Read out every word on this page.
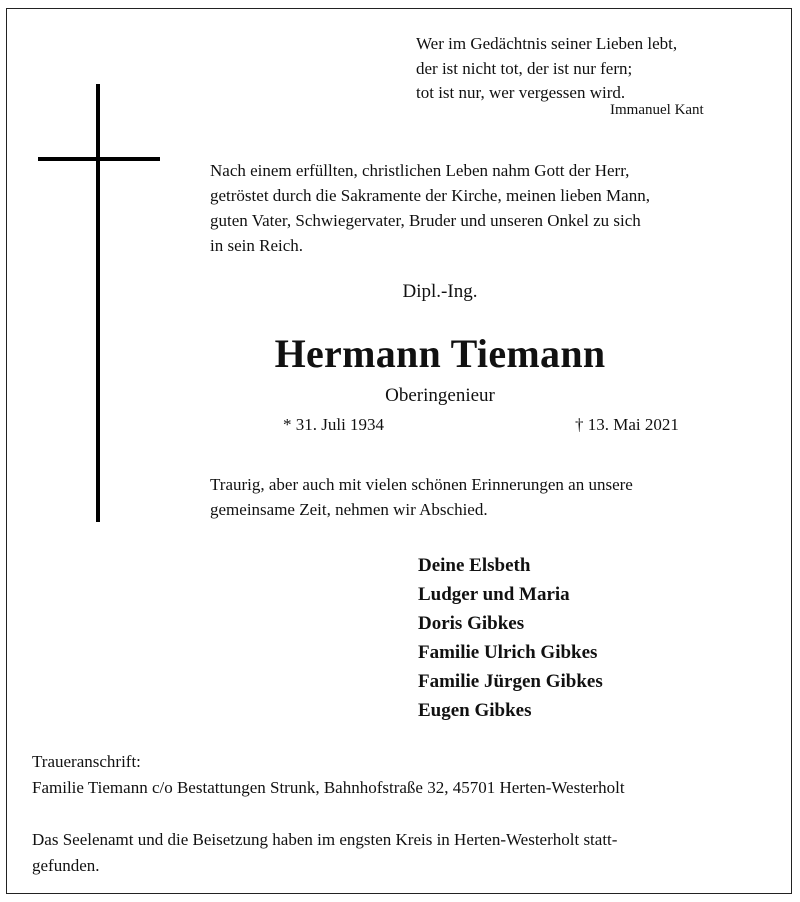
Wer im Gedächtnis seiner Lieben lebt,
der ist nicht tot, der ist nur fern;
tot ist nur, wer vergessen wird.
Immanuel Kant
Nach einem erfüllten, christlichen Leben nahm Gott der Herr,
getröstet durch die Sakramente der Kirche, meinen lieben Mann,
guten Vater, Schwiegervater, Bruder und unseren Onkel zu sich
in sein Reich.
Dipl.-Ing.
Hermann Tiemann
Oberingenieur
* 31. Juli 1934	† 13. Mai 2021
Traurig, aber auch mit vielen schönen Erinnerungen an unsere
gemeinsame Zeit, nehmen wir Abschied.
Deine Elsbeth
Ludger und Maria
Doris Gibkes
Familie Ulrich Gibkes
Familie Jürgen Gibkes
Eugen Gibkes
Traueranschrift:
Familie Tiemann c/o Bestattungen Strunk, Bahnhofstraße 32, 45701 Herten-Westerholt
Das Seelenamt und die Beisetzung haben im engsten Kreis in Herten-Westerholt statt-
gefunden.
